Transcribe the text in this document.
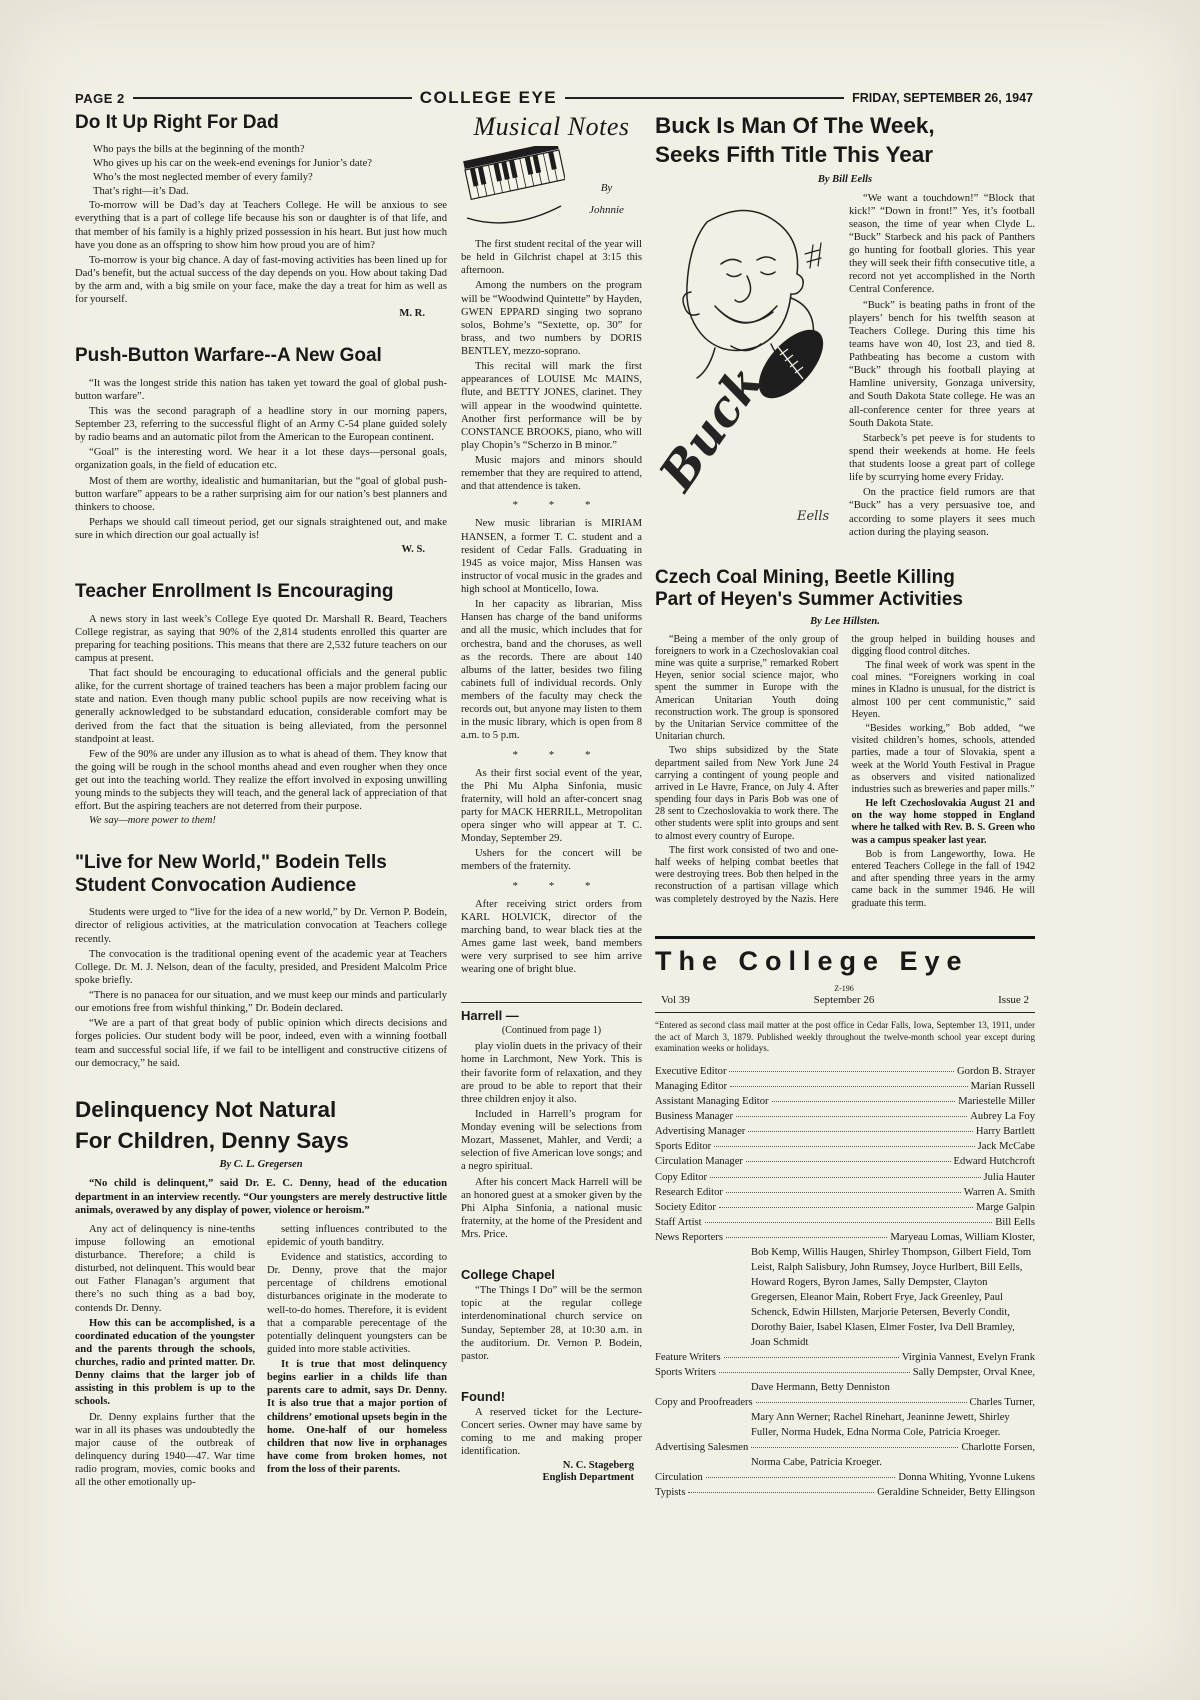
PAGE 2	COLLEGE EYE	FRIDAY, SEPTEMBER 26, 1947
Do It Up Right For Dad

Who pays the bills at the beginning of the month?

Who gives up his car on the week-end evenings for Junior’s date?

Who’s the most neglected member of every family?

That’s right—it’s Dad.

To-morrow will be Dad’s day at Teachers College. He will be anxious to see everything that is a part of college life because his son or daughter is of that life, and that member of his family is a highly prized possession in his heart. But just how much have you done as an offspring to show him how proud you are of him?

To-morrow is your big chance. A day of fast-moving activities has been lined up for Dad’s benefit, but the actual success of the day depends on you. How about taking Dad by the arm and, with a big smile on your face, make the day a treat for him as well as for yourself.

M. R.

Push-Button Warfare--A New Goal

“It was the longest stride this nation has taken yet toward the goal of global push-button warfare”.

This was the second paragraph of a headline story in our morning papers, September 23, referring to the successful flight of an Army C-54 plane guided solely by radio beams and an automatic pilot from the American to the European continent.

“Goal” is the interesting word. We hear it a lot these days—personal goals, organization goals, in the field of education etc.

Most of them are worthy, idealistic and humanitarian, but the “goal of global push-button warfare” appears to be a rather surprising aim for our nation’s best planners and thinkers to choose.

Perhaps we should call timeout period, get our signals straightened out, and make sure in which direction our goal actually is!

W. S.

Teacher Enrollment Is Encouraging

A news story in last week’s College Eye quoted Dr. Marshall R. Beard, Teachers College registrar, as saying that 90% of the 2,814 students enrolled this quarter are preparing for teaching positions. This means that there are 2,532 future teachers on our campus at present.

That fact should be encouraging to educational officials and the general public alike, for the current shortage of trained teachers has been a major problem facing our state and nation. Even though many public school pupils are now receiving what is generally acknowledged to be substandard education, considerable comfort may be derived from the fact that the situation is being alleviated, from the personnel standpoint at least.

Few of the 90% are under any illusion as to what is ahead of them. They know that the going will be rough in the school months ahead and even rougher when they once get out into the teaching world. They realize the effort involved in exposing unwilling young minds to the subjects they will teach, and the general lack of appreciation of that effort. But the aspiring teachers are not deterred from their purpose.

We say—more power to them!

"Live for New World," Bodein Tells
Student Convocation Audience

Students were urged to “live for the idea of a new world,” by Dr. Vernon P. Bodein, director of religious activities, at the matriculation convocation at Teachers college recently.

The convocation is the traditional opening event of the academic year at Teachers College. Dr. M. J. Nelson, dean of the faculty, presided, and President Malcolm Price spoke briefly.

“There is no panacea for our situation, and we must keep our minds and particularly our emotions free from wishful thinking,” Dr. Bodein declared.

“We are a part of that great body of public opinion which directs decisions and forges policies. Our student body will be poor, indeed, even with a winning football team and successful social life, if we fail to be intelligent and constructive citizens of our democracy,” he said.

Delinquency Not Natural
For Children, Denny Says

By C. L. Gregersen

“No child is delinquent,” said Dr. E. C. Denny, head of the education department in an interview recently. “Our youngsters are merely destructive little animals, overawed by any display of power, violence or heroism.”

Any act of delinquency is nine-tenths impuse following an emotional disturbance. Therefore; a child is disturbed, not delinquent. This would bear out Father Flanagan’s argument that there’s no such thing as a bad boy, contends Dr. Denny.

How this can be accomplished, is a coordinated education of the youngster and the parents through the schools, churches, radio and printed matter. Dr. Denny claims that the larger job of assisting in this problem is up to the schools.

Dr. Denny explains further that the war in all its phases was undoubtedly the major cause of the outbreak of delinquency during 1940—47. War time radio program, movies, comic books and all the other emotionally up-

setting influences contributed to the epidemic of youth banditry.

Evidence and statistics, according to Dr. Denny, prove that the major percentage of childrens emotional disturbances originate in the moderate to well-to-do homes. Therefore, it is evident that a comparable perecentage of the potentially delinquent youngsters can be guided into more stable activities.

It is true that most delinquency begins earlier in a childs life than parents care to admit, says Dr. Denny. It is also true that a major portion of childrens’ emotional upsets begin in the home. One-half of our homeless children that now live in orphanages have come from broken homes, not from the loss of their parents.

Musical Notes
By
Johnnie

The first student recital of the year will be held in Gilchrist chapel at 3:15 this afternoon.

Among the numbers on the program will be “Woodwind Quintette” by Hayden, GWEN EPPARD singing two soprano solos, Bohme’s “Sextette, op. 30” for brass, and two numbers by DORIS BENTLEY, mezzo-soprano.

This recital will mark the first appearances of LOUISE Mc MAINS, flute, and BETTY JONES, clarinet. They will appear in the woodwind quintette. Another first performance will be by CONSTANCE BROOKS, piano, who will play Chopin’s “Scherzo in B minor.”

Music majors and minors should remember that they are required to attend, and that attendence is taken.

* * *

New music librarian is MIRIAM HANSEN, a former T. C. student and a resident of Cedar Falls. Graduating in 1945 as voice major, Miss Hansen was instructor of vocal music in the grades and high school at Monticello, Iowa.

In her capacity as librarian, Miss Hansen has charge of the band uniforms and all the music, which includes that for orchestra, band and the choruses, as well as the records. There are about 140 albums of the latter, besides two filing cabinets full of individual records. Only members of the faculty may check the records out, but anyone may listen to them in the music library, which is open from 8 a.m. to 5 p.m.

* * *

As their first social event of the year, the Phi Mu Alpha Sinfonia, music fraternity, will hold an after-concert snag party for MACK HERRILL, Metropolitan opera singer who will appear at T. C. Monday, September 29.

Ushers for the concert will be members of the fraternity.

* * *

After receiving strict orders from KARL HOLVICK, director of the marching band, to wear black ties at the Ames game last week, band members were very surprised to see him arrive wearing one of bright blue.

Harrell —

(Continued from page 1)

play violin duets in the privacy of their home in Larchmont, New York. This is their favorite form of relaxation, and they are proud to be able to report that their three children enjoy it also.

Included in Harrell’s program for Monday evening will be selections from Mozart, Massenet, Mahler, and Verdi; a selection of five American love songs; and a negro spiritual.

After his concert Mack Harrell will be an honored guest at a smoker given by the Phi Alpha Sinfonia, a national music fraternity, at the home of the President and Mrs. Price.

College Chapel

“The Things I Do” will be the sermon topic at the regular college interdenominational church service on Sunday, September 28, at 10:30 a.m. in the auditorium. Dr. Vernon P. Bodein, pastor.

Found!

A reserved ticket for the Lecture-Concert series. Owner may have same by coming to me and making proper identification.

N. C. Stageberg

English Department

Buck Is Man Of The Week,
Seeks Fifth Title This Year

By Bill Eells

Buck
Eells

“We want a touchdown!” “Block that kick!” “Down in front!” Yes, it’s football season, the time of year when Clyde L. “Buck” Starbeck and his pack of Panthers go hunting for football glories. This year they will seek their fifth consecutive title, a record not yet accomplished in the North Central Conference.

“Buck” is beating paths in front of the players’ bench for his twelfth season at Teachers College. During this time his teams have won 40, lost 23, and tied 8. Pathbeating has become a custom with “Buck” through his football playing at Hamline university, Gonzaga university, and South Dakota State college. He was an all-conference center for three years at South Dakota State.

Starbeck’s pet peeve is for students to spend their weekends at home. He feels that students loose a great part of college life by scurrying home every Friday.

On the practice field rumors are that “Buck” has a very persuasive toe, and according to some players it sees much action during the playing season.

Czech Coal Mining, Beetle Killing
Part of Heyen's Summer Activities

By Lee Hillsten.

“Being a member of the only group of foreigners to work in a Czechoslovakian coal mine was quite a surprise,” remarked Robert Heyen, senior social science major, who spent the summer in Europe with the American Unitarian Youth doing reconstruction work. The group is sponsored by the Unitarian Service committee of the Unitarian church.

Two ships subsidized by the State department sailed from New York June 24 carrying a contingent of young people and arrived in Le Havre, France, on July 4. After spending four days in Paris Bob was one of 28 sent to Czechoslovakia to work there. The other students were split into groups and sent to almost every country of Europe.

The first work consisted of two and one-half weeks of helping combat beetles that were destroying trees. Bob then helped in the reconstruction of a partisan village which was completely destroyed by the Nazis. Here the group helped in building houses and digging flood control ditches.

The final week of work was spent in the coal mines. “Foreigners working in coal mines in Kladno is unusual, for the district is almost 100 per cent communistic,” said Heyen.

“Besides working,” Bob added, “we visited children’s homes, schools, attended parties, made a tour of Slovakia, spent a week at the World Youth Festival in Prague as observers and visited nationalized industries such as breweries and paper mills.”

He left Czechoslovakia August 21 and on the way home stopped in England where he talked with Rev. B. S. Green who was a campus speaker last year.

Bob is from Langeworthy, Iowa. He entered Teachers College in the fall of 1942 and after spending three years in the army came back in the summer 1946. He will graduate this term.

The College Eye
Vol 39
Z-196
September 26	Issue 2

“Entered as second class mail matter at the post office in Cedar Falls, Iowa, September 13, 1911, under the act of March 3, 1879. Published weekly throughout the twelve-month school year except during examination weeks or holidays.

Executive Editor	Gordon B. Strayer
Managing Editor	Marian Russell
Assistant Managing Editor	Mariestelle Miller
Business Manager	Aubrey La Foy
Advertising Manager	Harry Bartlett
Sports Editor	Jack McCabe
Circulation Manager	Edward Hutchcroft
Copy Editor	Julia Hauter
Research Editor	Warren A. Smith
Society Editor	Marge Galpin
Staff Artist	Bill Eells
News Reporters	Maryeau Lomas, William Kloster,
Bob Kemp, Willis Haugen, Shirley Thompson, Gilbert Field, Tom Leist, Ralph Salisbury, John Rumsey, Joyce Hurlbert, Bill Eells, Howard Rogers, Byron James, Sally Dempster, Clayton Gregersen, Eleanor Main, Robert Frye, Jack Greenley, Paul Schenck, Edwin Hillsten, Marjorie Petersen, Beverly Condit, Dorothy Baier, Isabel Klasen, Elmer Foster, Iva Dell Bramley, Joan Schmidt
Feature Writers	Virginia Vannest, Evelyn Frank
Sports Writers	Sally Dempster, Orval Knee,
Dave Hermann, Betty Denniston
Copy and Proofreaders	Charles Turner,
Mary Ann Werner; Rachel Rinehart, Jeaninne Jewett, Shirley Fuller, Norma Hudek, Edna Norma Cole, Patricia Kroeger.
Advertising Salesmen	Charlotte Forsen,
Norma Cabe, Patricia Kroeger.
Circulation	Donna Whiting, Yvonne Lukens
Typists	Geraldine Schneider, Betty Ellingson
